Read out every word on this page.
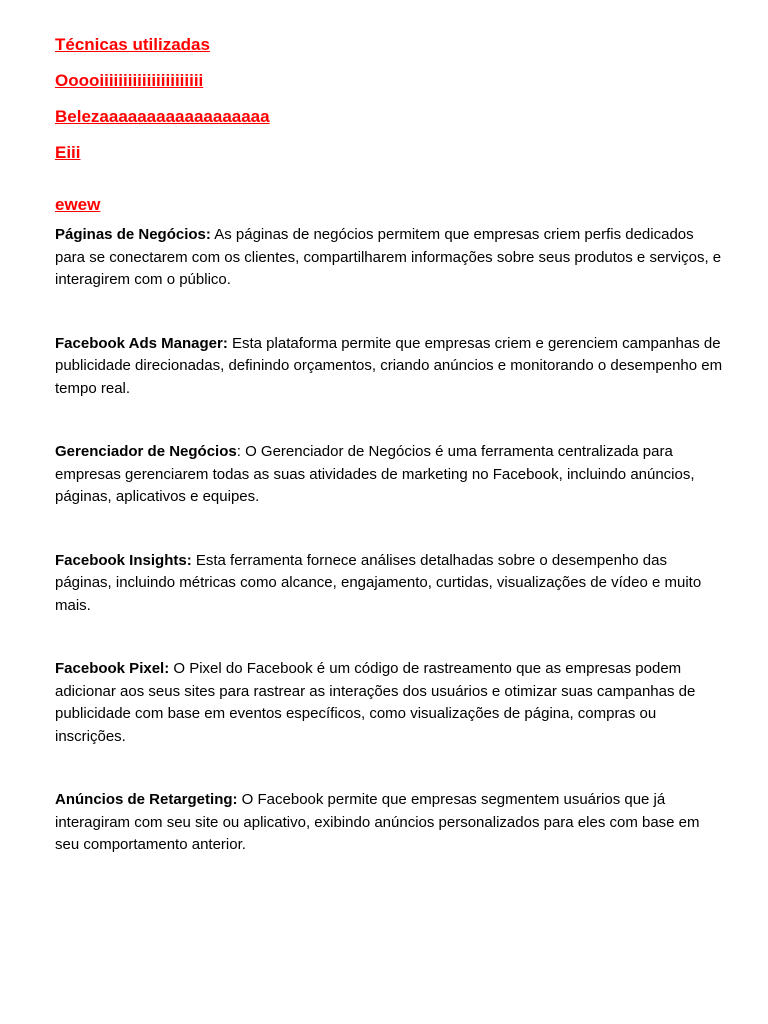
Técnicas utilizadas
Oooo​iiiiiiiiiiiiiiiiiiiiii
Belezaaaaaaaaaaaaaaaaaa
Eiii
ewew

Páginas de Negócios: As páginas de negócios permitem que empresas criem perfis dedicados para se conectarem com os clientes, compartilharem informações sobre seus produtos e serviços, e interagirem com o público.

Facebook Ads Manager: Esta plataforma permite que empresas criem e gerenciem campanhas de publicidade direcionadas, definindo orçamentos, criando anúncios e monitorando o desempenho em tempo real.

Gerenciador de Negócios: O Gerenciador de Negócios é uma ferramenta centralizada para empresas gerenciarem todas as suas atividades de marketing no Facebook, incluindo anúncios, páginas, aplicativos e equipes.

Facebook Insights: Esta ferramenta fornece análises detalhadas sobre o desempenho das páginas, incluindo métricas como alcance, engajamento, curtidas, visualizações de vídeo e muito mais.

Facebook Pixel: O Pixel do Facebook é um código de rastreamento que as empresas podem adicionar aos seus sites para rastrear as interações dos usuários e otimizar suas campanhas de publicidade com base em eventos específicos, como visualizações de página, compras ou inscrições.

Anúncios de Retargeting: O Facebook permite que empresas segmentem usuários que já interagiram com seu site ou aplicativo, exibindo anúncios personalizados para eles com base em seu comportamento anterior.
